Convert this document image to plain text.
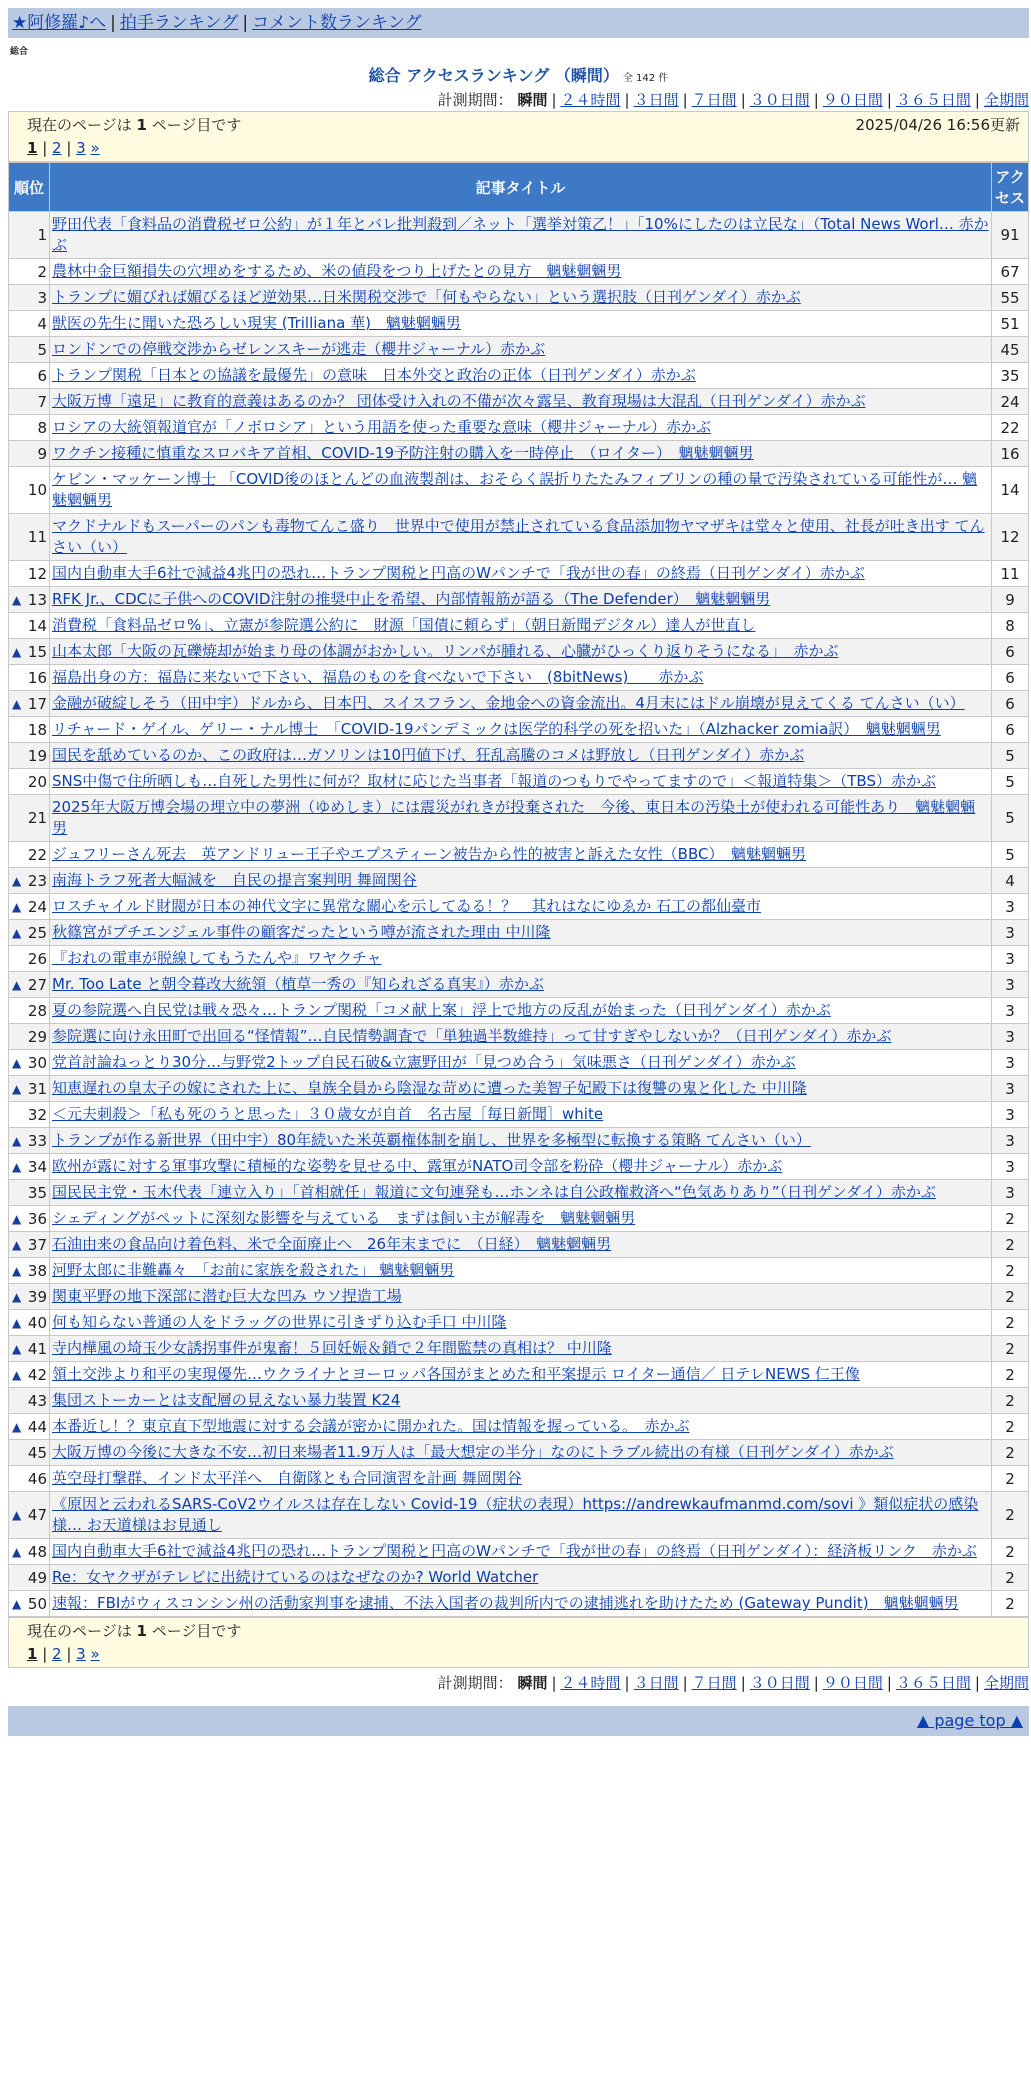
★阿修羅♪へ | 拍手ランキング | コメント数ランキング
総合
総合 アクセスランキング （瞬間） 全 142 件
計測期間： 瞬間 | ２４時間 | ３日間 | ７日間 | ３０日間 | ９０日間 | ３６５日間 | 全期間
現在のページは 1 ページ目です	2025/04/26 16:56更新
1 | 2 | 3 »
順位	記事タイトル	アクセス
1	野田代表「食料品の消費税ゼロ公約」が１年とバレ批判殺到／ネット「選挙対策乙！」「10%にしたのは立民な」（Total News Worl… 赤かぶ	91
2	農林中金巨額損失の穴埋めをするため、米の値段をつり上げたとの見方　魑魅魍魎男	67
3	トランプに媚びれば媚びるほど逆効果…日米関税交渉で「何もやらない」という選択肢（日刊ゲンダイ）赤かぶ	55
4	獣医の先生に聞いた恐ろしい現実 (Trilliana 華)　魑魅魍魎男	51
5	ロンドンでの停戦交渉からゼレンスキーが逃走（櫻井ジャーナル）赤かぶ	45
6	トランプ関税「日本との協議を最優先」の意味　日本外交と政治の正体（日刊ゲンダイ）赤かぶ	35
7	大阪万博「遠足」に教育的意義はあるのか？ 団体受け入れの不備が次々露呈、教育現場は大混乱（日刊ゲンダイ）赤かぶ	24
8	ロシアの大統領報道官が「ノボロシア」という用語を使った重要な意味（櫻井ジャーナル）赤かぶ	22
9	ワクチン接種に慎重なスロバキア首相、COVID-19予防注射の購入を一時停止　（ロイター）　魑魅魍魎男	16
10	ケビン・マッケーン博士 「COVID後のほとんどの血液製剤は、おそらく誤折りたたみフィブリンの種の量で汚染されている可能性が… 魑魅魍魎男	14
11	マクドナルドもスーパーのパンも毒物てんこ盛り　世界中で使用が禁止されている食品添加物ヤマザキは堂々と使用、社長が吐き出す てんさい（い）	12
12	国内自動車大手6社で減益4兆円の恐れ…トランプ関税と円高のWパンチで「我が世の春」の終焉（日刊ゲンダイ）赤かぶ	11

▲ 13	RFK Jr.、CDCに子供へのCOVID注射の推奨中止を希望、内部情報筋が語る（The Defender）　魑魅魍魎男	9
14	消費税「食料品ゼロ%」、立憲が参院選公約に　財源「国債に頼らず」（朝日新聞デジタル）達人が世直し	8

▲ 15	山本太郎「大阪の瓦礫焼却が始まり母の体調がおかしい。リンパが腫れる、心臓がひっくり返りそうになる」　赤かぶ	6
16	福島出身の方：福島に来ないで下さい、福島のものを食べないで下さい　(8bitNews)　　赤かぶ	6

▲ 17	金融が破綻しそう（田中宇）ドルから、日本円、スイスフラン、金地金への資金流出。4月末にはドル崩壊が見えてくる てんさい（い）	6
18	リチャード・ゲイル、ゲリー・ナル博士　「COVID-19パンデミックは医学的科学の死を招いた」（Alzhacker zomia訳）　魑魅魍魎男	6
19	国民を舐めているのか、この政府は…ガソリンは10円値下げ、狂乱高騰のコメは野放し（日刊ゲンダイ）赤かぶ	5
20	SNS中傷で住所晒しも…自死した男性に何が？取材に応じた当事者「報道のつもりでやってますので」＜報道特集＞（TBS）赤かぶ	5
21	2025年大阪万博会場の埋立中の夢洲（ゆめしま）には震災がれきが投棄された　今後、東日本の汚染土が使われる可能性あり　魑魅魍魎男	5
22	ジュフリーさん死去　英アンドリュー王子やエプスティーン被告から性的被害と訴えた女性（BBC）　魑魅魍魎男	5

▲ 23	南海トラフ死者大幅減を　自民の提言案判明 舞岡関谷	4

▲ 24	ロスチャイルド財閥が日本の神代文字に異常な關心を示してゐる！？　其れはなにゆゑか 石工の都仙臺市	3

▲ 25	秋篠宮がプチエンジェル事件の顧客だったという噂が流された理由 中川隆	3
26	『おれの電車が脱線してもうたんや』ワヤクチャ	3

▲ 27	Mr. Too Late と朝令暮改大統領（植草一秀の『知られざる真実』）赤かぶ	3
28	夏の参院選へ自民党は戦々恐々…トランプ関税「コメ献上案」浮上で地方の反乱が始まった（日刊ゲンダイ）赤かぶ	3
29	参院選に向け永田町で出回る“怪情報”…自民情勢調査で「単独過半数維持」って甘すぎやしないか？（日刊ゲンダイ）赤かぶ	3

▲ 30	党首討論ねっとり30分…与野党2トップ自民石破&立憲野田が「見つめ合う」気味悪さ（日刊ゲンダイ）赤かぶ	3

▲ 31	知恵遅れの皇太子の嫁にされた上に、皇族全員から陰湿な苛めに遭った美智子妃殿下は復讐の鬼と化した 中川隆	3
32	＜元夫刺殺＞「私も死のうと思った」３０歳女が自首　名古屋［毎日新聞］white	3

▲ 33	トランプが作る新世界（田中宇）80年続いた米英覇権体制を崩し、世界を多極型に転換する策略 てんさい（い）	3

▲ 34	欧州が露に対する軍事攻撃に積極的な姿勢を見せる中、露軍がNATO司令部を粉砕（櫻井ジャーナル）赤かぶ	3
35	国民民主党・玉木代表「連立入り」「首相就任」報道に文句連発も…ホンネは自公政権救済へ“色気ありあり”（日刊ゲンダイ）赤かぶ	3

▲ 36	シェディングがペットに深刻な影響を与えている　まずは飼い主が解毒を　魑魅魍魎男	2

▲ 37	石油由来の食品向け着色料、米で全面廃止へ　26年末までに　（日経）　魑魅魍魎男	2

▲ 38	河野太郎に非難轟々　「お前に家族を殺された」 魑魅魍魎男	2

▲ 39	関東平野の地下深部に潜む巨大な凹み ウソ捏造工場	2

▲ 40	何も知らない普通の人をドラッグの世界に引きずり込む手口 中川隆	2

▲ 41	寺内樺風の埼玉少女誘拐事件が鬼畜！５回妊娠＆鎖で２年間監禁の真相は？ 中川隆	2

▲ 42	領土交渉より和平の実現優先…ウクライナとヨーロッパ各国がまとめた和平案提示 ロイター通信／ 日テレNEWS 仁王像	2
43	集団ストーカーとは支配層の見えない暴力装置 K24	2

▲ 44	本番近し！？東京直下型地震に対する会議が密かに開かれた。国は情報を握っている。　赤かぶ	2
45	大阪万博の今後に大きな不安…初日来場者11.9万人は「最大想定の半分」なのにトラブル続出の有様（日刊ゲンダイ）赤かぶ	2
46	英空母打撃群、インド太平洋へ　自衛隊とも合同演習を計画 舞岡関谷	2

▲ 47	《原因と云われるSARS-CoV2ウイルスは存在しない Covid-19（症状の表現）https://andrewkaufmanmd.com/sovi 》類似症状の感染様… お天道様はお見通し	2

▲ 48	国内自動車大手6社で減益4兆円の恐れ…トランプ関税と円高のWパンチで「我が世の春」の終焉（日刊ゲンダイ）：経済板リンク　赤かぶ	2
49	Re：女ヤクザがテレビに出続けているのはなぜなのか? World Watcher	2

▲ 50	速報：FBIがウィスコンシン州の活動家判事を逮捕、不法入国者の裁判所内での逮捕逃れを助けたため (Gateway Pundit)　魑魅魍魎男	2
現在のページは 1 ページ目です
1 | 2 | 3 »
計測期間： 瞬間 | ２４時間 | ３日間 | ７日間 | ３０日間 | ９０日間 | ３６５日間 | 全期間
▲ page top ▲
